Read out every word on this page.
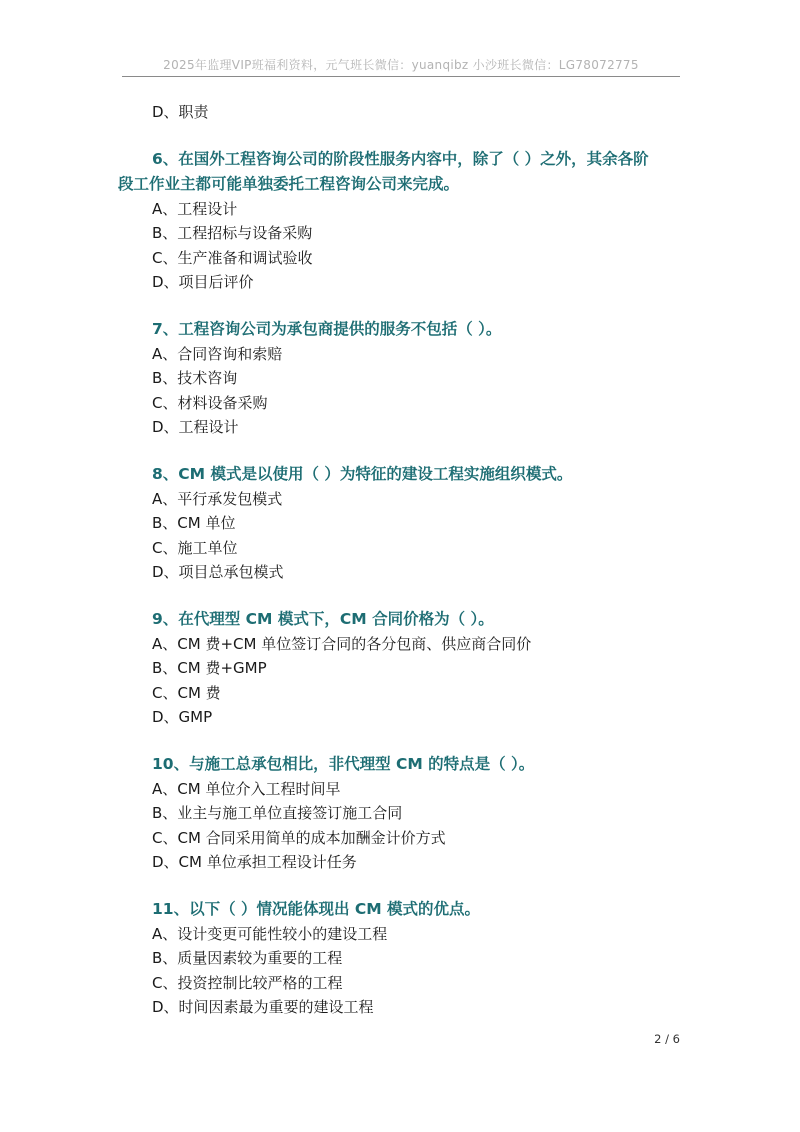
2025年监理VIP班福利资料，元气班长微信：yuanqibz 小沙班长微信：LG78072775
D、职责
6、在国外工程咨询公司的阶段性服务内容中，除了（ ）之外，其余各阶
段工作业主都可能单独委托工程咨询公司来完成。
A、工程设计
B、工程招标与设备采购
C、生产准备和调试验收
D、项目后评价
7、工程咨询公司为承包商提供的服务不包括（ ）。
A、合同咨询和索赔
B、技术咨询
C、材料设备采购
D、工程设计
8、CM 模式是以使用（ ）为特征的建设工程实施组织模式。
A、平行承发包模式
B、CM 单位
C、施工单位
D、项目总承包模式
9、在代理型 CM 模式下，CM 合同价格为（ ）。
A、CM 费+CM 单位签订合同的各分包商、供应商合同价
B、CM 费+GMP
C、CM 费
D、GMP
10、与施工总承包相比，非代理型 CM 的特点是（ ）。
A、CM 单位介入工程时间早
B、业主与施工单位直接签订施工合同
C、CM 合同采用简单的成本加酬金计价方式
D、CM 单位承担工程设计任务
11、以下（ ）情况能体现出 CM 模式的优点。
A、设计变更可能性较小的建设工程
B、质量因素较为重要的工程
C、投资控制比较严格的工程
D、时间因素最为重要的建设工程
2 / 6
